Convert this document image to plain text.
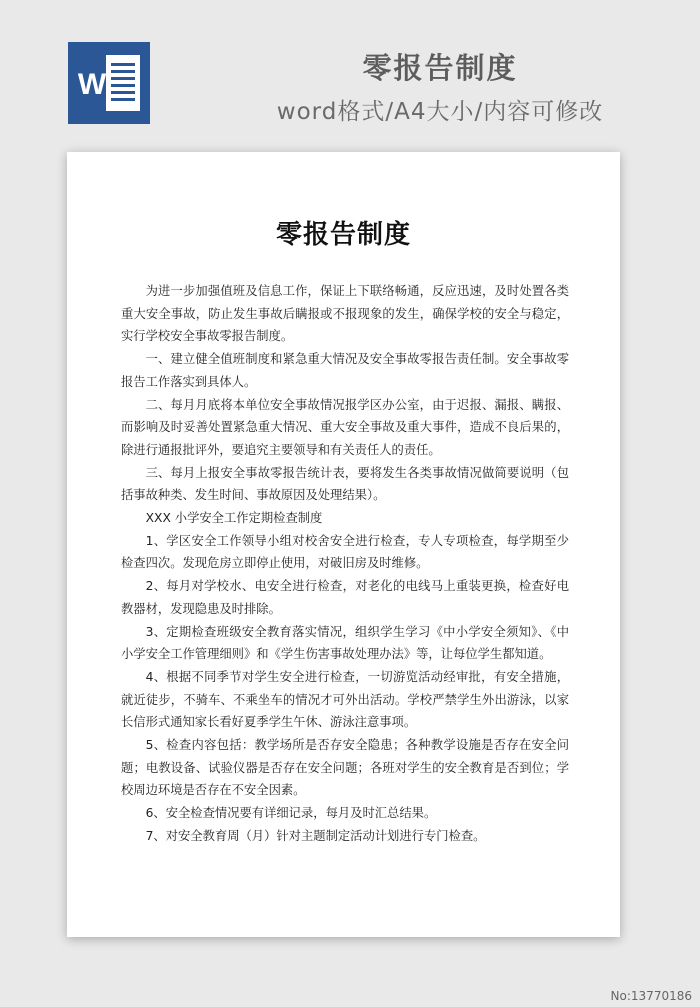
W	零报告制度
word格式/A4大小/内容可修改
零报告制度

为进一步加强值班及信息工作，保证上下联络畅通，反应迅速，及时处置各类重大安全事故，防止发生事故后瞒报或不报现象的发生，确保学校的安全与稳定，实行学校安全事故零报告制度。

一、建立健全值班制度和紧急重大情况及安全事故零报告责任制。安全事故零报告工作落实到具体人。

二、每月月底将本单位安全事故情况报学区办公室，由于迟报、漏报、瞒报、而影响及时妥善处置紧急重大情况、重大安全事故及重大事件，造成不良后果的，除进行通报批评外，要追究主要领导和有关责任人的责任。

三、每月上报安全事故零报告统计表，要将发生各类事故情况做简要说明（包括事故种类、发生时间、事故原因及处理结果）。

XXX 小学安全工作定期检查制度

1、学区安全工作领导小组对校舍安全进行检查，专人专项检查，每学期至少检查四次。发现危房立即停止使用，对破旧房及时维修。

2、每月对学校水、电安全进行检查，对老化的电线马上重装更换，检查好电教器材，发现隐患及时排除。

3、定期检查班级安全教育落实情况，组织学生学习《中小学安全须知》、《中小学安全工作管理细则》和《学生伤害事故处理办法》等，让每位学生都知道。

4、根据不同季节对学生安全进行检查，一切游览活动经审批，有安全措施，就近徒步，不骑车、不乘坐车的情况才可外出活动。学校严禁学生外出游泳，以家长信形式通知家长看好夏季学生午休、游泳注意事项。

5、检查内容包括：教学场所是否存安全隐患；各种教学设施是否存在安全问题；电教设备、试验仪器是否存在安全问题；各班对学生的安全教育是否到位；学校周边环境是否存在不安全因素。

6、安全检查情况要有详细记录，每月及时汇总结果。

7、对安全教育周（月）针对主题制定活动计划进行专门检查。

No:13770186
